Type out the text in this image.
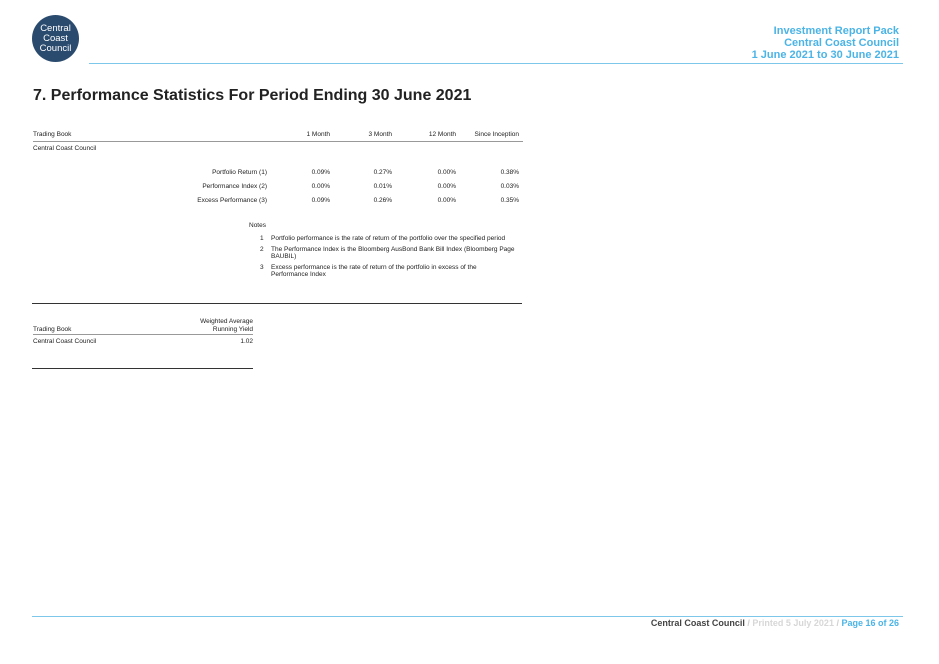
Central
Coast
Council
Investment Report Pack
Central Coast Council
1 June 2021 to 30 June 2021
7. Performance Statistics For Period Ending 30 June 2021
Trading Book	1 Month	3 Month	12 Month	Since Inception
Central Coast Council
Portfolio Return (1)	0.09%	0.27%	0.00%	0.38%
Performance Index (2)	0.00%	0.01%	0.00%	0.03%
Excess Performance (3)	0.09%	0.26%	0.00%	0.35%
Notes
1	Portfolio performance is the rate of return of the portfolio over the specified period
2	The Performance Index is the Bloomberg AusBond Bank Bill Index (Bloomberg Page BAUBIL)
3	Excess performance is the rate of return of the portfolio in excess of the Performance Index
Trading Book
Weighted Average
Running Yield
Central Coast Council	1.02
Central Coast Council / Printed 5 July 2021 / Page 16 of 26
